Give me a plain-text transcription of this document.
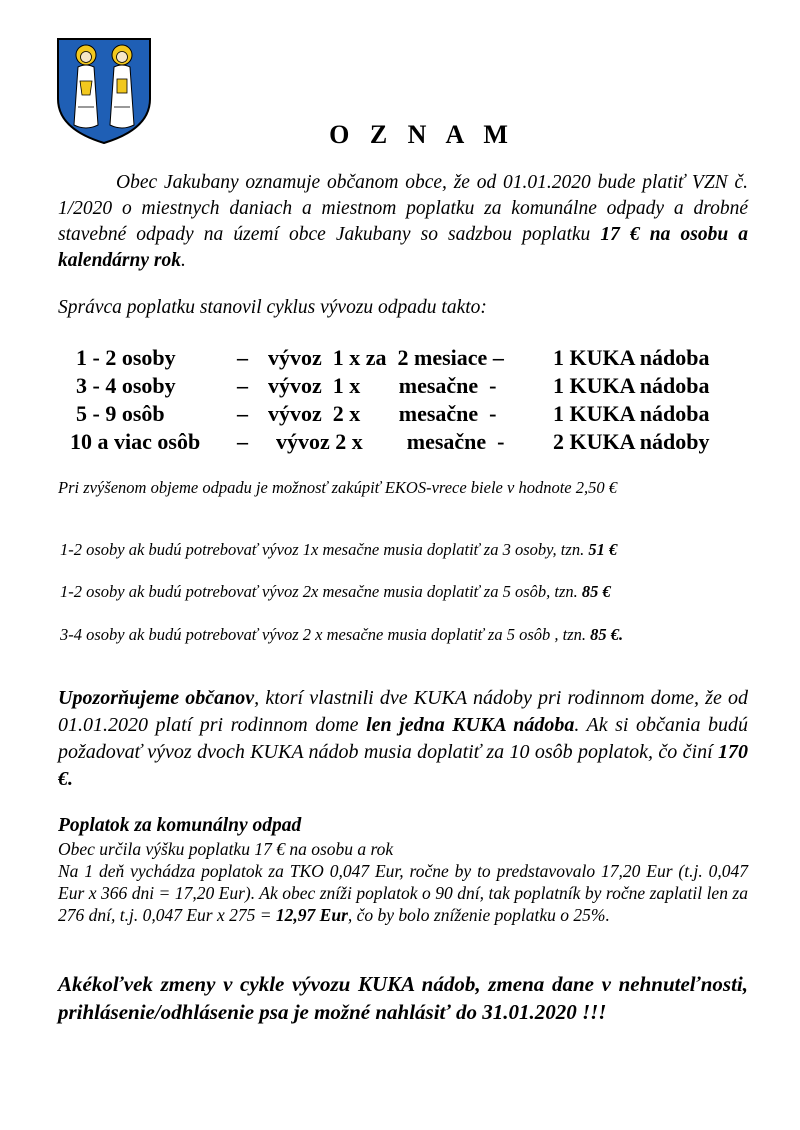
O Z N A M
Obec Jakubany oznamuje občanom obce, že od 01.01.2020 bude platiť VZN č. 1/2020 o miestnych daniach a miestnom poplatku za komunálne odpady a drobné stavebné odpady na území obce Jakubany so sadzbou poplatku 17 € na osobu a kalendárny rok.
Správca poplatku stanovil cyklus vývozu odpadu takto:
1 - 2 osoby	– vývoz  1 x za  2 mesiace – 1 KUKA nádoba
3 - 4 osoby	– vývoz  1 x       mesačne  -	1 KUKA nádoba
5 - 9 osôb	– vývoz  2 x       mesačne  -	1 KUKA nádoba
10 a viac osôb – vývoz 2 x        mesačne  - 2 KUKA nádoby
Pri zvýšenom objeme odpadu je možnosť zakúpiť EKOS-vrece biele v hodnote 2,50 €
1-2 osoby ak budú potrebovať vývoz 1x mesačne musia doplatiť za 3 osoby, tzn. 51 €
1-2 osoby ak budú potrebovať vývoz 2x mesačne musia doplatiť za 5 osôb, tzn. 85 €
3-4 osoby ak budú potrebovať vývoz 2 x mesačne musia doplatiť za 5 osôb , tzn. 85 €.
Upozorňujeme občanov, ktorí vlastnili dve KUKA nádoby pri rodinnom dome, že od 01.01.2020 platí pri rodinnom dome len jedna KUKA nádoba. Ak si občania budú požadovať vývoz dvoch KUKA nádob musia doplatiť za 10 osôb poplatok, čo činí 170 €.
Poplatok za komunálny odpad
Obec určila výšku poplatku 17 € na osobu a rok
Na 1 deň vychádza poplatok za TKO 0,047 Eur, ročne by to predstavovalo 17,20 Eur (t.j. 0,047 Eur x 366 dni = 17,20 Eur). Ak obec zníži poplatok o 90 dní, tak poplatník by ročne zaplatil len za 276 dní, t.j. 0,047 Eur x 275 = 12,97 Eur, čo by bolo zníženie poplatku o 25%.
Akékoľvek zmeny v cykle vývozu KUKA nádob, zmena dane v nehnuteľnosti, prihlásenie/odhlásenie psa je možné nahlásiť do 31.01.2020 !!!
